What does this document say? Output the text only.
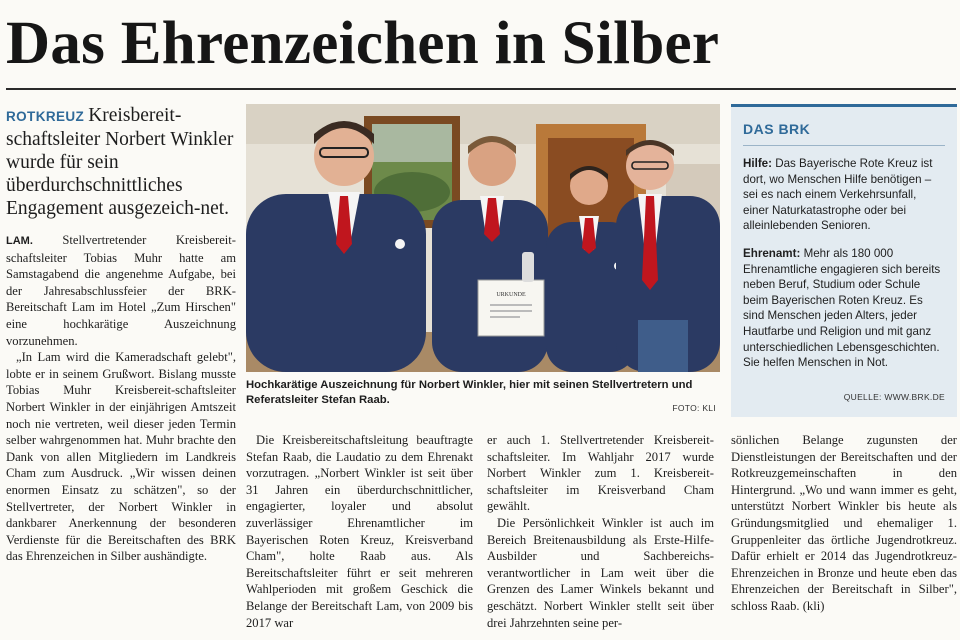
Das Ehrenzeichen in Silber
ROTKREUZ Kreisbereit-schaftsleiter Norbert Winkler wurde für sein überdurchschnittliches Engagement ausgezeich-net.

LAM. Stellvertretender Kreisbereit-schaftsleiter Tobias Muhr hatte am Samstagabend die angenehme Aufgabe, bei der Jahresabschlussfeier der BRK-Bereitschaft Lam im Hotel „Zum Hirschen" eine hochkarätige Auszeichnung vorzunehmen.

„In Lam wird die Kameradschaft gelebt", lobte er in seinem Grußwort. Bislang musste Tobias Muhr Kreisbereit-schaftsleiter Norbert Winkler in der einjährigen Amtszeit noch nie vertreten, weil dieser jeden Termin selber wahrgenommen hat. Muhr brachte den Dank von allen Mitgliedern im Landkreis Cham zum Ausdruck. „Wir wissen deinen enormen Einsatz zu schätzen", so der Stellvertreter, der Norbert Winkler in dankbarer Anerkennung der besonderen Verdienste für die Bereitschaften des BRK das Ehrenzeichen in Silber aushändigte.

URKUNDE
Hochkarätige Auszeichnung für Norbert Winkler, hier mit seinen Stellvertretern und Referatsleiter Stefan Raab.
FOTO: KLI
DAS BRK

Hilfe: Das Bayerische Rote Kreuz ist dort, wo Menschen Hilfe benötigen – sei es nach einem Verkehrsunfall, einer Naturkatastrophe oder bei alleinlebenden Senioren.

Ehrenamt: Mehr als 180 000 Ehrenamtliche engagieren sich bereits neben Beruf, Studium oder Schule beim Bayerischen Roten Kreuz. Es sind Menschen jeden Alters, jeder Hautfarbe und Religion und mit ganz unterschiedlichen Lebensgeschichten. Sie helfen Menschen in Not.

QUELLE: WWW.BRK.DE

Die Kreisbereitschaftsleitung beauftragte Stefan Raab, die Laudatio zu dem Ehrenakt vorzutragen. „Norbert Winkler ist seit über 31 Jahren ein überdurchschnittlicher, engagierter, loyaler und absolut zuverlässiger Ehrenamtlicher im Bayerischen Roten Kreuz, Kreisverband Cham", holte Raab aus. Als Bereitschaftsleiter führt er seit mehreren Wahlperioden mit großem Geschick die Belange der Bereitschaft Lam, von 2009 bis 2017 war

er auch 1. Stellvertretender Kreisbereit-schaftsleiter. Im Wahljahr 2017 wurde Norbert Winkler zum 1. Kreisbereit-schaftsleiter im Kreisverband Cham gewählt.

Die Persönlichkeit Winkler ist auch im Bereich Breitenausbildung als Erste-Hilfe-Ausbilder und Sachbereichs-verantwortlicher in Lam weit über die Grenzen des Lamer Winkels bekannt und geschätzt. Norbert Winkler stellt seit über drei Jahrzehnten seine per-

sönlichen Belange zugunsten der Dienstleistungen der Bereitschaften und der Rotkreuzgemeinschaften in den Hintergrund. „Wo und wann immer es geht, unterstützt Norbert Winkler bis heute als Gründungsmitglied und ehemaliger 1. Gruppenleiter das örtliche Jugendrotkreuz. Dafür erhielt er 2014 das Jugendrotkreuz-Ehrenzeichen in Bronze und heute eben das Ehrenzeichen der Bereitschaft in Silber", schloss Raab. (kli)
